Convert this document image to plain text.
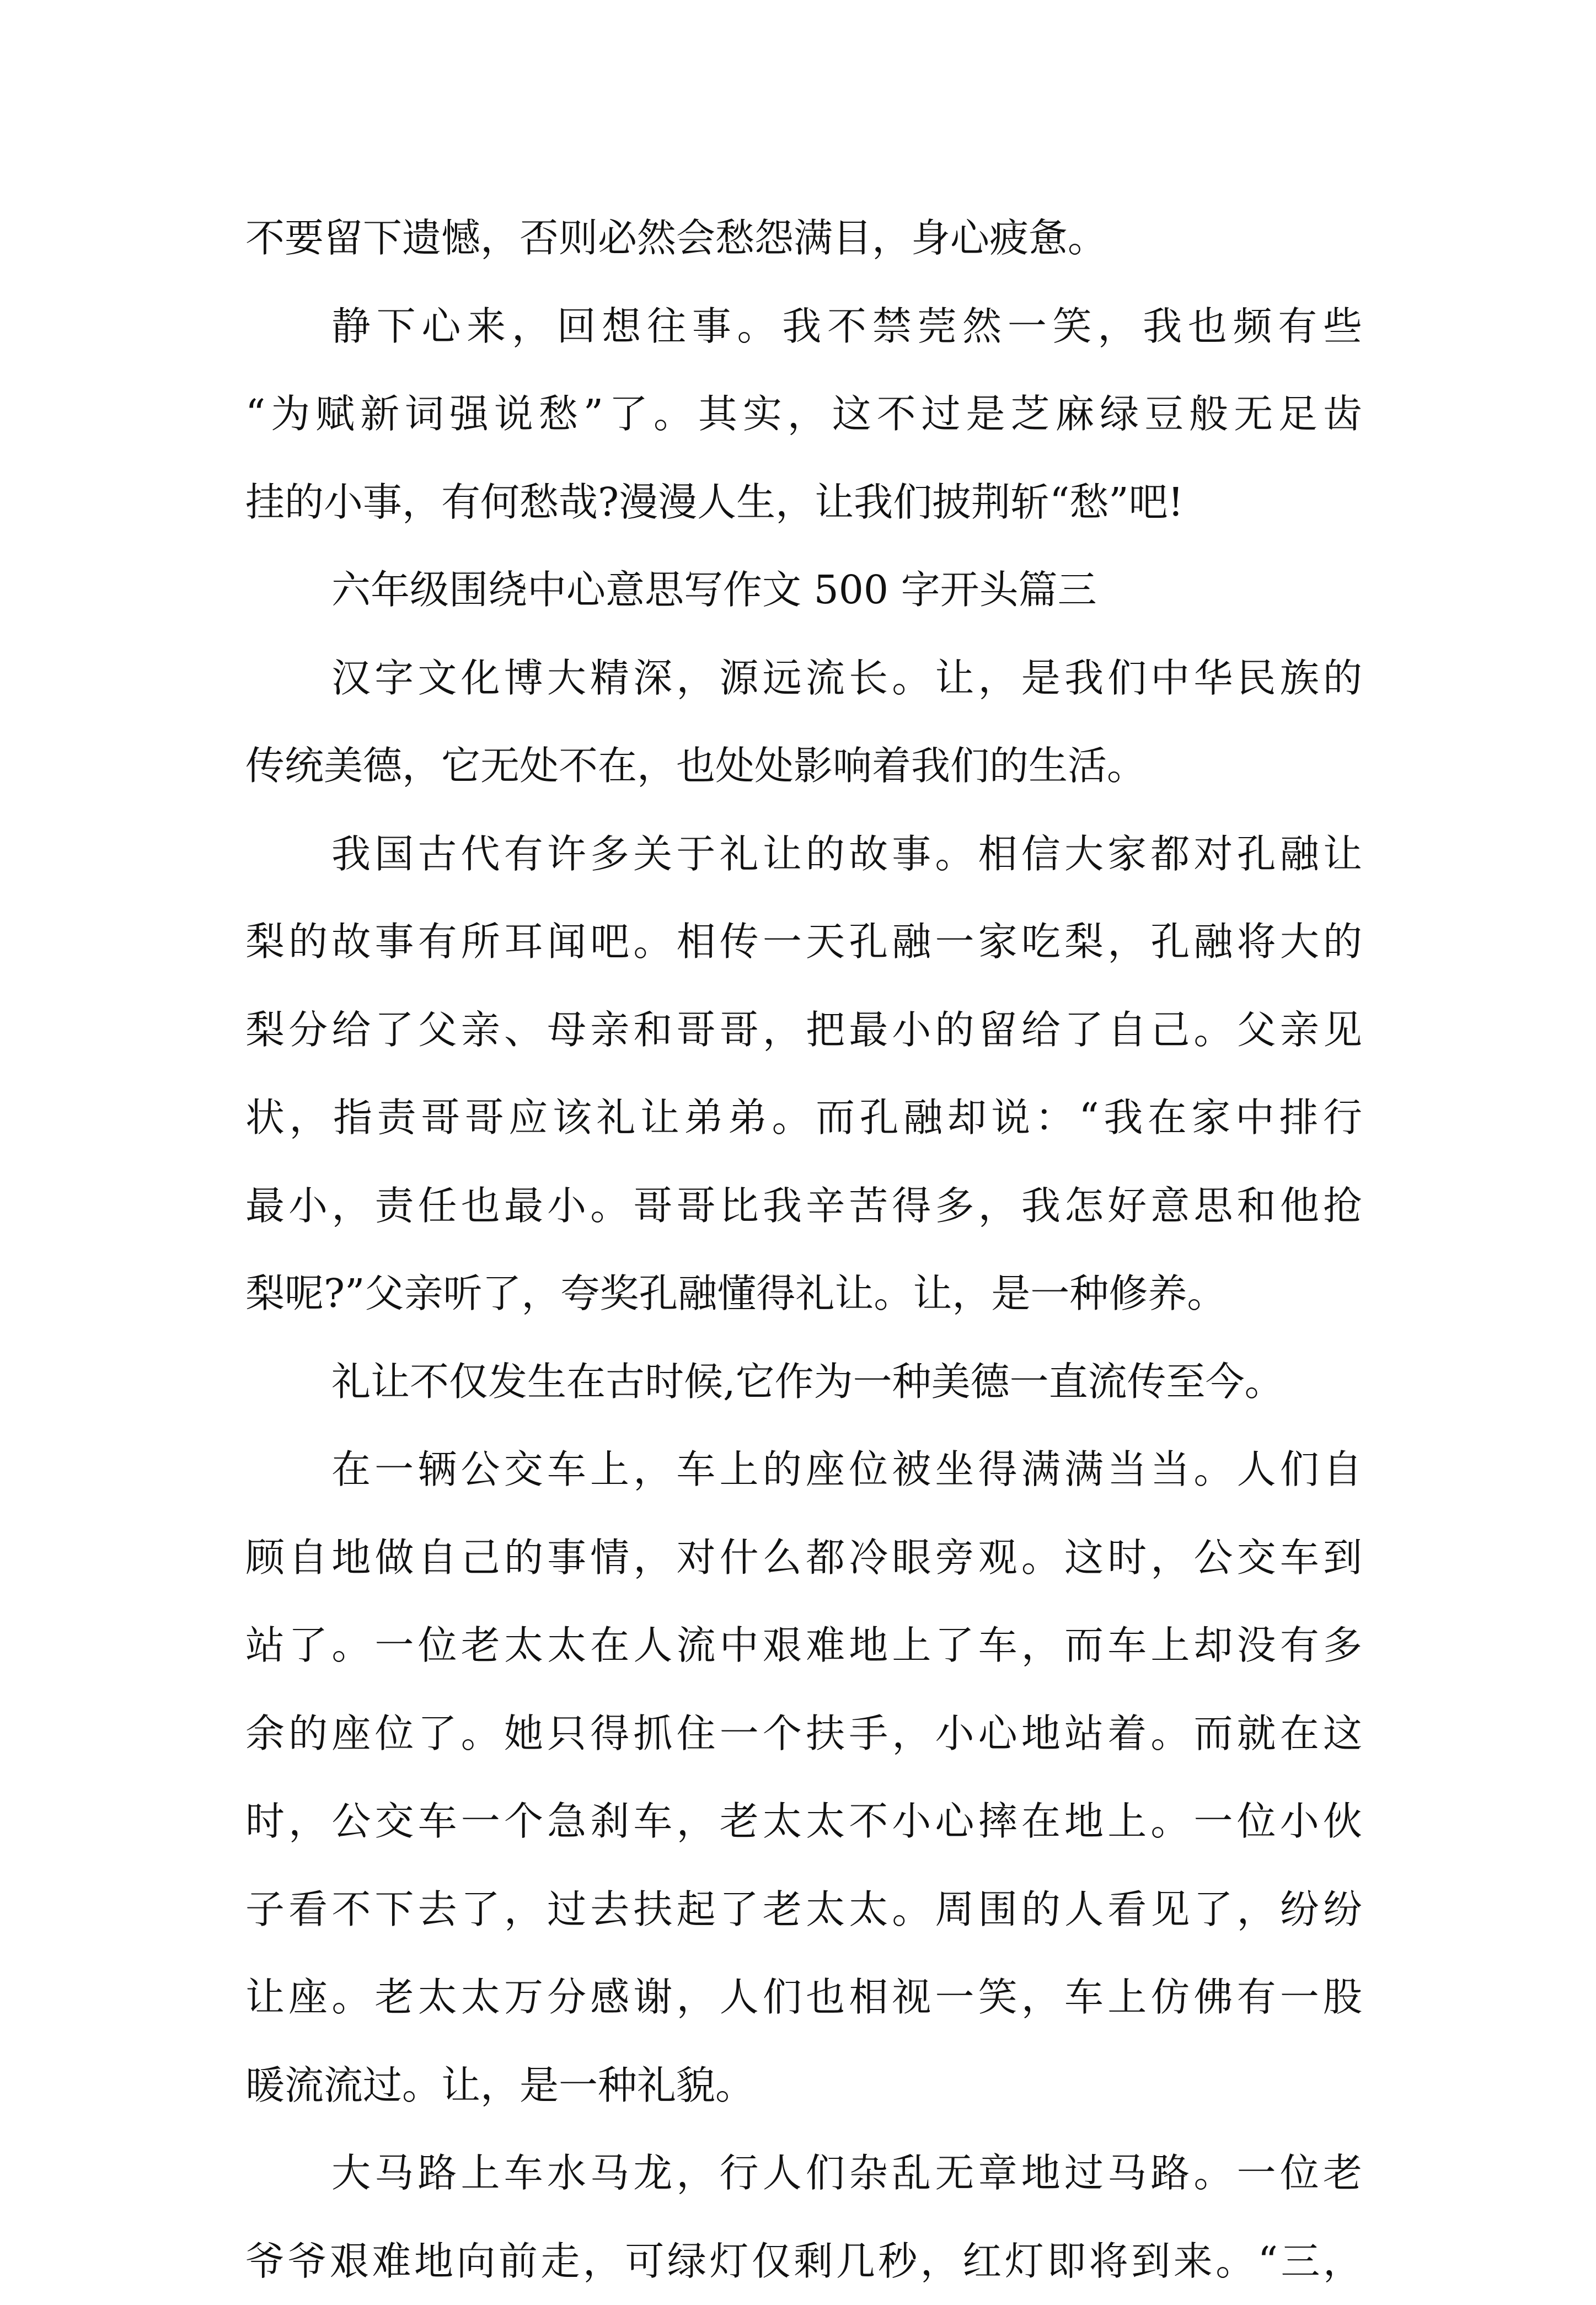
不要留下遗憾，否则必然会愁怨满目，身心疲惫。
静下心来，回想往事。我不禁莞然一笑，我也频有些
“为赋新词强说愁”了。其实，这不过是芝麻绿豆般无足齿
挂的小事，有何愁哉?漫漫人生，让我们披荆斩“愁”吧!
六年级围绕中心意思写作文 500 字开头篇三
汉字文化博大精深，源远流长。让，是我们中华民族的
传统美德，它无处不在，也处处影响着我们的生活。
我国古代有许多关于礼让的故事。相信大家都对孔融让
梨的故事有所耳闻吧。相传一天孔融一家吃梨，孔融将大的
梨分给了父亲、母亲和哥哥，把最小的留给了自己。父亲见
状，指责哥哥应该礼让弟弟。而孔融却说：“我在家中排行
最小，责任也最小。哥哥比我辛苦得多，我怎好意思和他抢
梨呢?”父亲听了，夸奖孔融懂得礼让。让，是一种修养。
礼让不仅发生在古时候,它作为一种美德一直流传至今。
在一辆公交车上，车上的座位被坐得满满当当。人们自
顾自地做自己的事情，对什么都冷眼旁观。这时，公交车到
站了。一位老太太在人流中艰难地上了车，而车上却没有多
余的座位了。她只得抓住一个扶手，小心地站着。而就在这
时，公交车一个急刹车，老太太不小心摔在地上。一位小伙
子看不下去了，过去扶起了老太太。周围的人看见了，纷纷
让座。老太太万分感谢，人们也相视一笑，车上仿佛有一股
暖流流过。让，是一种礼貌。
大马路上车水马龙，行人们杂乱无章地过马路。一位老
爷爷艰难地向前走，可绿灯仅剩几秒，红灯即将到来。“三，
